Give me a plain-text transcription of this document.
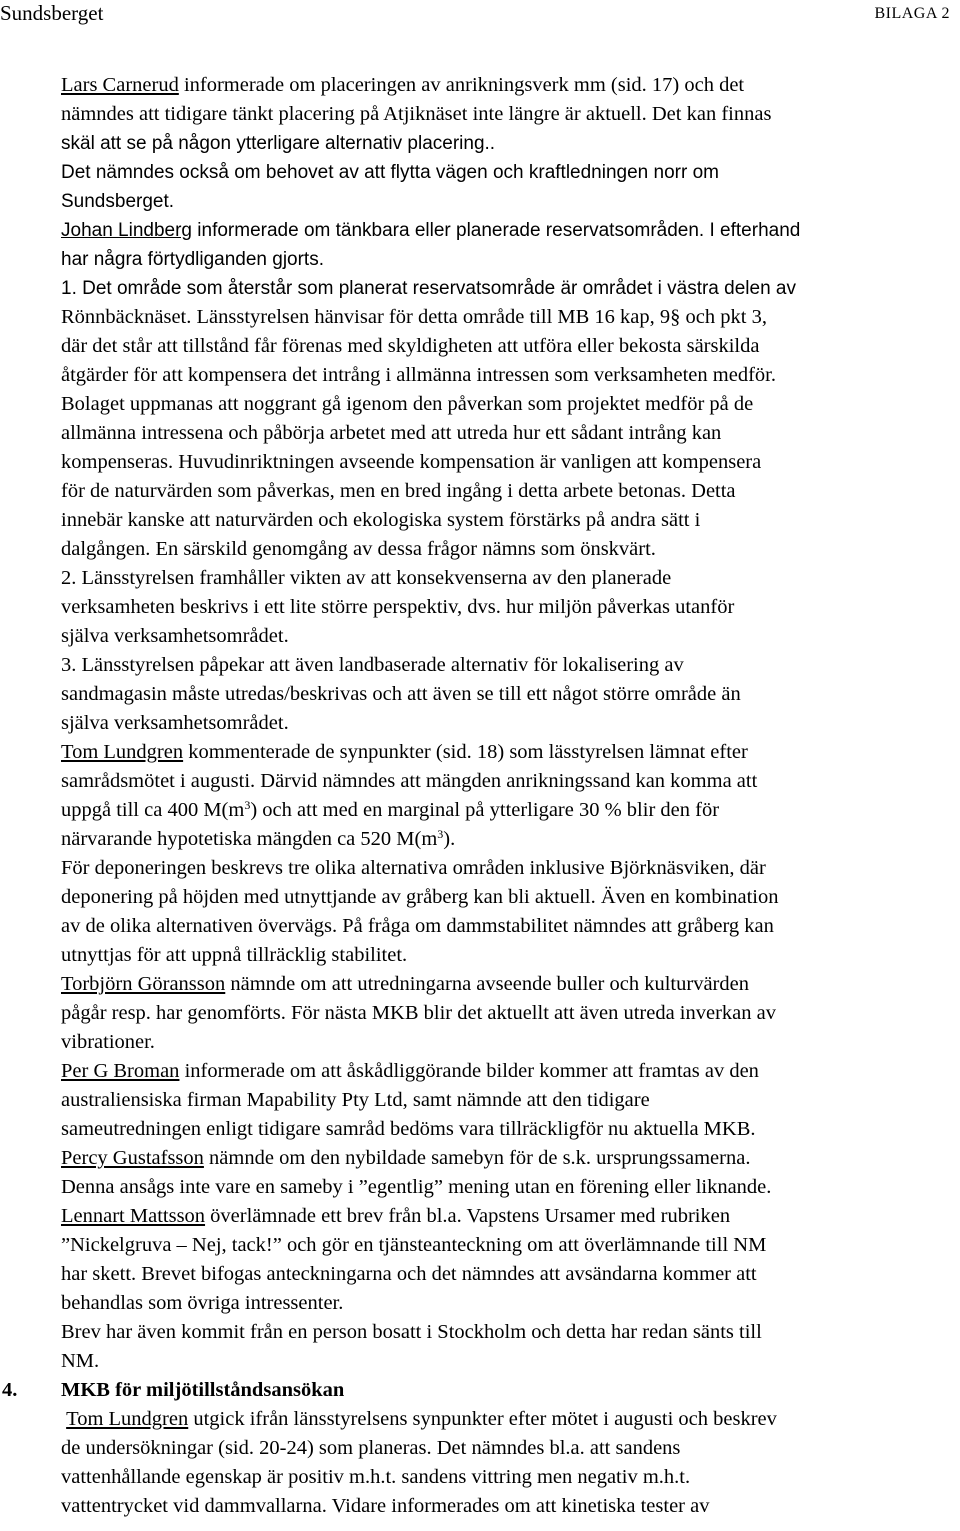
Sundsberget	BILAGA 2

Lars Carnerud informerade om placeringen av anrikningsverk mm (sid. 17) och det

nämndes att tidigare tänkt placering på Atjiknäset inte längre är aktuell. Det kan finnas

skäl att se på någon ytterligare alternativ placering..

Det nämndes också om behovet av att flytta vägen och kraftledningen norr om

Sundsberget.

Johan Lindberg informerade om tänkbara eller planerade reservatsområden. I efterhand

har några förtydliganden gjorts.

1. Det område som återstår som planerat reservatsområde är området i västra delen av

Rönnbäcknäset. Länsstyrelsen hänvisar för detta område till MB 16 kap, 9§ och pkt 3,

där det står att tillstånd får förenas med skyldigheten att utföra eller bekosta särskilda

åtgärder för att kompensera det intrång i allmänna intressen som verksamheten medför.

Bolaget uppmanas att noggrant gå igenom den påverkan som projektet medför på de

allmänna intressena och påbörja arbetet med att utreda hur ett sådant intrång kan

kompenseras. Huvudinriktningen avseende kompensation är vanligen att kompensera

för de naturvärden som påverkas, men en bred ingång i detta arbete betonas. Detta

innebär kanske att naturvärden och ekologiska system förstärks på andra sätt i

dalgången. En särskild genomgång av dessa frågor nämns som önskvärt.

2. Länsstyrelsen framhåller vikten av att konsekvenserna av den planerade

verksamheten beskrivs i ett lite större perspektiv, dvs. hur miljön påverkas utanför

själva verksamhetsområdet.

3. Länsstyrelsen påpekar att även landbaserade alternativ för lokalisering av

sandmagasin måste utredas/beskrivas och att även se till ett något större område än

själva verksamhetsområdet.

Tom Lundgren kommenterade de synpunkter (sid. 18) som lässtyrelsen lämnat efter

samrådsmötet i augusti. Därvid nämndes att mängden anrikningssand kan komma att

uppgå till ca 400 $M(m^3)$ och att med en marginal på ytterligare 30 % blir den för

närvarande hypotetiska mängden ca 520 $M(m^3)$.

För deponeringen beskrevs tre olika alternativa områden inklusive Björknäsviken, där

deponering på höjden med utnyttjande av gråberg kan bli aktuell. Även en kombination

av de olika alternativen övervägs. På fråga om dammstabilitet nämndes att gråberg kan

utnyttjas för att uppnå tillräcklig stabilitet.

Torbjörn Göransson nämnde om att utredningarna avseende buller och kulturvärden

pågår resp. har genomförts. För nästa MKB blir det aktuellt att även utreda inverkan av

vibrationer.

Per G Broman informerade om att åskådliggörande bilder kommer att framtas av den

australiensiska firman Mapability Pty Ltd, samt nämnde att den tidigare

sameutredningen enligt tidigare samråd bedöms vara tillräckligför nu aktuella MKB.

Percy Gustafsson nämnde om den nybildade samebyn för de s.k. ursprungssamerna.

Denna ansågs inte vare en sameby i ”egentlig” mening utan en förening eller liknande.

Lennart Mattsson överlämnade ett brev från bl.a. Vapstens Ursamer med rubriken

”Nickelgruva – Nej, tack!” och gör en tjänsteanteckning om att överlämnande till NM

har skett. Brevet bifogas anteckningarna och det nämndes att avsändarna kommer att

behandlas som övriga intressenter.

Brev har även kommit från en person bosatt i Stockholm och detta har redan sänts till

NM.

4. MKB för miljötillståndsansökan

Tom Lundgren utgick ifrån länsstyrelsens synpunkter efter mötet i augusti och beskrev

de undersökningar (sid. 20-24) som planeras. Det nämndes bl.a. att sandens

vattenhållande egenskap är positiv m.h.t. sandens vittring men negativ m.h.t.

vattentrycket vid dammvallarna. Vidare informerades om att kinetiska tester av
